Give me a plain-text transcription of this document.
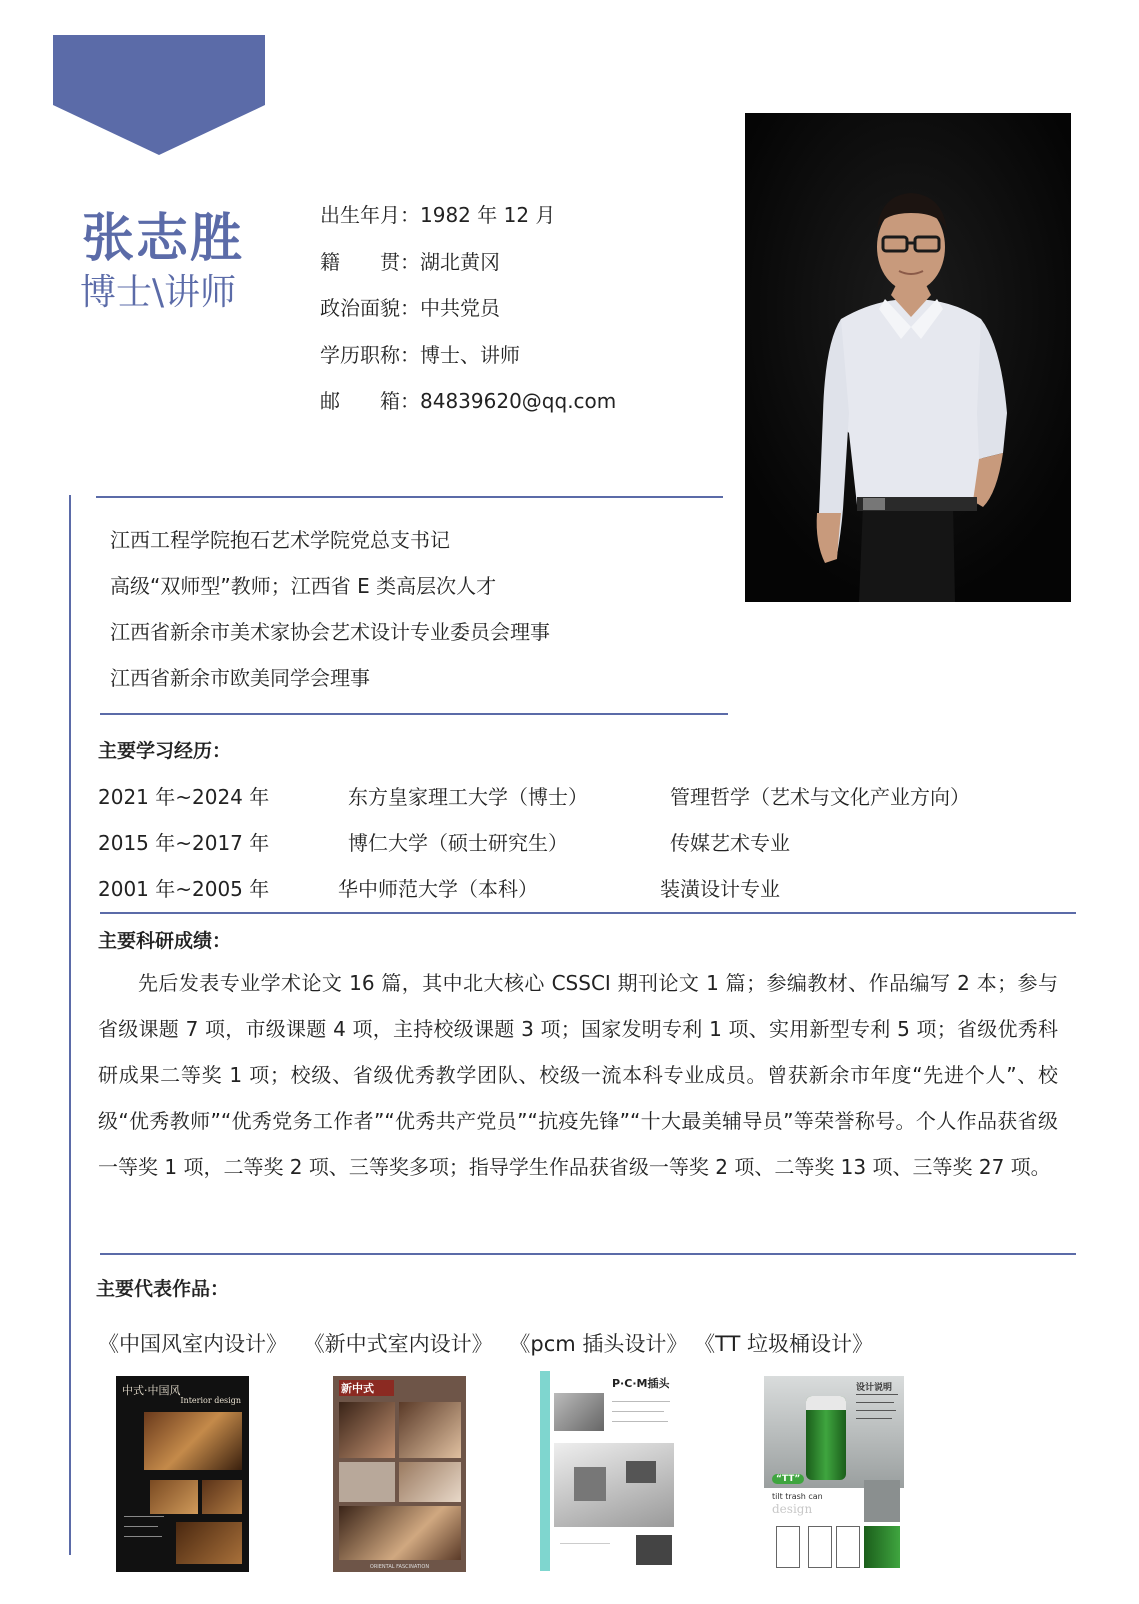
张志胜
博士\讲师
出生年月：1982 年 12 月
籍　　贯：湖北黄冈
政治面貌：中共党员
学历职称：博士、讲师
邮　　箱：84839620@qq.com
江西工程学院抱石艺术学院党总支书记
高级“双师型”教师；江西省 E 类高层次人才
江西省新余市美术家协会艺术设计专业委员会理事
江西省新余市欧美同学会理事
主要学习经历：
2021 年~2024 年	东方皇家理工大学（博士）	管理哲学（艺术与文化产业方向）
2015 年~2017 年	博仁大学（硕士研究生）	传媒艺术专业
2001 年~2005 年	华中师范大学（本科）	装潢设计专业
主要科研成绩：
先后发表专业学术论文 16 篇，其中北大核心 CSSCI 期刊论文 1 篇；参编教材、作品编写 2 本；参与省级课题 7 项，市级课题 4 项，主持校级课题 3 项；国家发明专利 1 项、实用新型专利 5 项；省级优秀科研成果二等奖 1 项；校级、省级优秀教学团队、校级一流本科专业成员。曾获新余市年度“先进个人”、校级“优秀教师”“优秀党务工作者”“优秀共产党员”“抗疫先锋”“十大最美辅导员”等荣誉称号。个人作品获省级一等奖 1 项，二等奖 2 项、三等奖多项；指导学生作品获省级一等奖 2 项、二等奖 13 项、三等奖 27 项。
主要代表作品：
《中国风室内设计》 《新中式室内设计》 《pcm 插头设计》 《TT 垃圾桶设计》
中式·中国风
Interior design
新中式
ORIENTAL FASCINATION
P·C·M插头	设计说明
“TT”
tilt trash can
design
